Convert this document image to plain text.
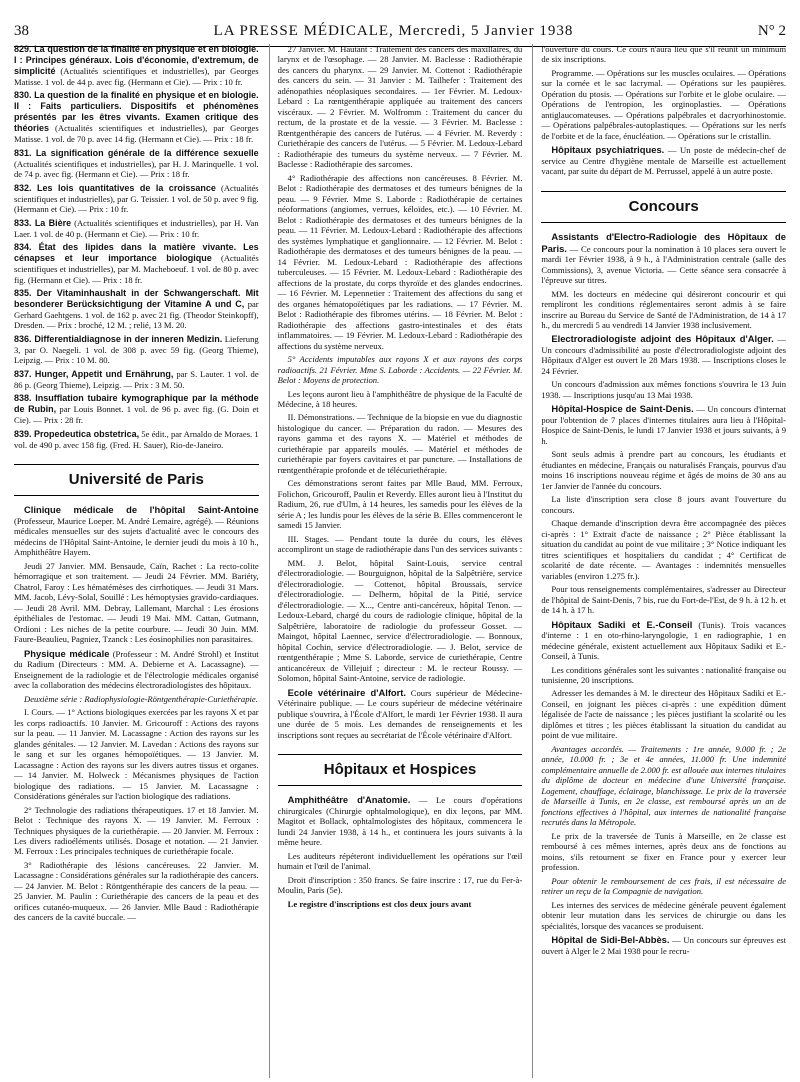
38	LA PRESSE MÉDICALE, Mercredi, 5 Janvier 1938	N° 2

829. La question de la finalité en physique et en biologie. I : Principes généraux. Lois d'économie, d'extremum, de simplicité (Actualités scientifiques et industrielles), par Georges Matisse. 1 vol. de 44 p. avec fig. (Hermann et Cie). — Prix : 10 fr.

830. La question de la finalité en physique et en biologie. II : Faits particuliers. Dispositifs et phénomènes présentés par les êtres vivants. Examen critique des théories (Actualités scientifiques et industrielles), par Georges Matisse. 1 vol. de 70 p. avec 14 fig. (Hermann et Cie). — Prix : 18 fr.

831. La signification générale de la différence sexuelle (Actualités scientifiques et industrielles), par H. J. Marinquelle. 1 vol. de 74 p. avec fig. (Hermann et Cie). — Prix : 18 fr.

832. Les lois quantitatives de la croissance (Actualités scientifiques et industrielles), par G. Teissier. 1 vol. de 50 p. avec 9 fig. (Hermann et Cie). — Prix : 10 fr.

833. La Bière (Actualités scientifiques et industrielles), par H. Van Laer. 1 vol. de 40 p. (Hermann et Cie). — Prix : 10 fr.

834. État des lipides dans la matière vivante. Les cénapses et leur importance biologique (Actualités scientifiques et industrielles), par M. Macheboeuf. 1 vol. de 80 p. avec fig. (Hermann et Cie). — Prix : 18 fr.

835. Der Vitaminhaushalt in der Schwangerschaft. Mit besonderer Berücksichtigung der Vitamine A und C, par Gerhard Gaehtgens. 1 vol. de 162 p. avec 21 fig. (Theodor Steinkopff), Dresden. — Prix : broché, 12 M. ; relié, 13 M. 20.

836. Differentialdiagnose in der inneren Medizin. Lieferung 3, par O. Naegeli. 1 vol. de 308 p. avec 59 fig. (Georg Thieme), Leipzig. — Prix : 10 M. 80.

837. Hunger, Appetit und Ernährung, par S. Lauter. 1 vol. de 86 p. (Georg Thieme), Leipzig. — Prix : 3 M. 50.

838. Insufflation tubaire kymographique par la méthode de Rubin, par Louis Bonnet. 1 vol. de 96 p. avec fig. (G. Doin et Cie). — Prix : 28 fr.

839. Propedeutica obstetrica, 5e édit., par Arnaldo de Moraes. 1 vol. de 490 p. avec 158 fig. (Fred. H. Sauer), Rio-de-Janeiro.

Université de Paris

Clinique médicale de l'hôpital Saint-Antoine (Professeur, Maurice Loeper. M. André Lemaire, agrégé). — Réunions médicales mensuelles sur des sujets d'actualité avec le concours des médecins de l'Hôpital Saint-Antoine, le dernier jeudi du mois à 10 h., Amphithéâtre Hayem.

Jeudi 27 Janvier. MM. Bensaude, Caïn, Rachet : La recto-colite hémorragique et son traitement. — Jeudi 24 Février. MM. Bariéty, Chatrol, Faroy : Les hématémèses des cirrhotiques. — Jeudi 31 Mars. MM. Jacob, Lévy-Solal, Souillé : Les hémoptysies gravido-cardiaques. — Jeudi 28 Avril. MM. Debray, Lallemant, Marchal : Les érosions épithéliales de l'estomac. — Jeudi 19 Mai. MM. Cattan, Gutmann, Ordioni : Les niches de la petite courbure. — Jeudi 30 Juin. MM. Faure-Beaulieu, Pagniez, Tzanck : Les éosinophilies non parasitaires.

Physique médicale (Professeur : M. André Strohl) et Institut du Radium (Directeurs : MM. A. Debierne et A. Lacassagne). — Enseignement de la radiologie et de l'électrologie médicales organisé avec la collaboration des médecins électroradiologistes des hôpitaux.

Deuxième série : Radiophysiologie-Röntgenthérapie-Curiethérapie.

I. Cours. — 1° Actions biologiques exercées par les rayons X et par les corps radioactifs. 10 Janvier. M. Gricouroff : Actions des rayons sur la peau. — 11 Janvier. M. Lacassagne : Action des rayons sur les glandes génitales. — 12 Janvier. M. Lavedan : Actions des rayons sur le sang et sur les organes hémopoïétiques. — 13 Janvier. M. Lacassagne : Action des rayons sur les divers autres tissus et organes. — 14 Janvier. M. Holweck : Mécanismes physiques de l'action biologique des radiations. — 15 Janvier. M. Lacassagne : Considérations générales sur l'action biologique des radiations.

2° Technologie des radiations thérapeutiques. 17 et 18 Janvier. M. Belot : Technique des rayons X. — 19 Janvier. M. Ferroux : Techniques physiques de la curiethérapie. — 20 Janvier. M. Ferroux : Les divers radioéléments utilisés. Dosage et notation. — 21 Janvier. M. Ferroux : Les principales techniques de curiethérapie focale.

3° Radiothérapie des lésions cancéreuses. 22 Janvier. M. Lacassagne : Considérations générales sur la radiothérapie des cancers. — 24 Janvier. M. Belot : Röntgenthérapie des cancers de la peau. — 25 Janvier. M. Paulin : Curiethérapie des cancers de la peau et des orifices cutanéo-muqueux. — 26 Janvier. Mlle Baud : Radiothérapie des cancers de la cavité buccale. —

27 Janvier. M. Hautant : Traitement des cancers des maxillaires, du larynx et de l'œsophage. — 28 Janvier. M. Baclesse : Radiothérapie des cancers du pharynx. — 29 Janvier. M. Cottenot : Radiothérapie des cancers du sein. — 31 Janvier : M. Tailhefer : Traitement des adénopathies néoplasiques secondaires. — 1er Février. M. Ledoux-Lebard : La rœntgenthérapie appliquée au traitement des cancers viscéraux. — 2 Février. M. Wolfromm : Traitement du cancer du rectum, de la prostate et de la vessie. — 3 Février. M. Baclesse : Rœntgenthérapie des cancers de l'utérus. — 4 Février. M. Reverdy : Curiethérapie des cancers de l'utérus. — 5 Février. M. Ledoux-Lebard : Radiothérapie des tumeurs du système nerveux. — 7 Février. M. Baclesse : Radiothérapie des sarcomes.

4° Radiothérapie des affections non cancéreuses. 8 Février. M. Belot : Radiothérapie des dermatoses et des tumeurs bénignes de la peau. — 9 Février. Mme S. Laborde : Radiothérapie de certaines néoformations (angiomes, verrues, kéloïdes, etc.). — 10 Février. M. Belot : Radiothérapie des dermatoses et des tumeurs bénignes de la peau. — 11 Février. M. Ledoux-Lebard : Radiothérapie des affections des systèmes lymphatique et ganglionnaire. — 12 Février. M. Belot : Radiothérapie des dermatoses et des tumeurs bénignes de la peau. — 14 Février. M. Ledoux-Lebard : Radiothérapie des affections tuberculeuses. — 15 Février. M. Ledoux-Lebard : Radiothérapie des affections de la prostate, du corps thyroïde et des glandes endocrines. — 16 Février. M. Lepennetier : Traitement des affections du sang et des organes hématopoïétiques par les radiations. — 17 Février. M. Belot : Radiothérapie des fibromes utérins. — 18 Février. M. Belot : Radiothérapie des affections gastro-intestinales et des états inflammatoires. — 19 Février. M. Ledoux-Lebard : Radiothérapie des affections du système nerveux.

5° Accidents imputables aux rayons X et aux rayons des corps radioactifs. 21 Février. Mme S. Laborde : Accidents. — 22 Février. M. Belot : Moyens de protection.

Les leçons auront lieu à l'amphithéâtre de physique de la Faculté de Médecine, à 18 heures.

II. Démonstrations. — Technique de la biopsie en vue du diagnostic histologique du cancer. — Préparation du radon. — Mesures des rayons gamma et des rayons X. — Matériel et méthodes de curiethérapie par appareils moulés. — Matériel et méthodes de curiethérapie par foyers cavitaires et par puncture. — Installations de rœntgenthérapie profonde et de télécuriethérapie.

Ces démonstrations seront faites par Mlle Baud, MM. Ferroux, Folichon, Gricouroff, Paulin et Reverdy. Elles auront lieu à l'Institut du Radium, 26, rue d'Ulm, à 14 heures, les samedis pour les élèves de la série A ; les lundis pour les élèves de la série B. Elles commenceront le samedi 15 Janvier.

III. Stages. — Pendant toute la durée du cours, les élèves accompliront un stage de radiothérapie dans l'un des services suivants :

MM. J. Belot, hôpital Saint-Louis, service central d'électroradiologie. — Bourguignon, hôpital de la Salpêtrière, service d'électroradiologie. — Cottenot, hôpital Broussais, service d'électroradiologie. — Delherm, hôpital de la Pitié, service d'électroradiologie. — X..., Centre anti-cancéreux, hôpital Tenon. — Ledoux-Lebard, chargé du cours de radiologie clinique, hôpital de la Salpêtrière, laboratoire de radiologie du professeur Gosset. — Maingot, hôpital Laennec, service d'électroradiologie. — Bonnoux, hôpital Cochin, service d'électroradiologie. — J. Belot, service de rœntgenthérapie ; Mme S. Laborde, service de curiethérapie, Centre anticancéreux de Villejuif ; directeur : M. le recteur Roussy. — Solomon, hôpital Saint-Antoine, service de radiologie.

Ecole vétérinaire d'Alfort. Cours supérieur de Médecine-Vétérinaire publique. — Le cours supérieur de médecine vétérinaire publique s'ouvrira, à l'École d'Alfort, le mardi 1er Février 1938. Il aura une durée de 5 mois. Les demandes de renseignements et les inscriptions sont reçues au secrétariat de l'École vétérinaire d'Alfort.

Hôpitaux et Hospices

Amphithéâtre d'Anatomie. — Le cours d'opérations chirurgicales (Chirurgie ophtalmologique), en dix leçons, par MM. Magitot et Bollack, ophtalmologistes des hôpitaux, commencera le lundi 24 Janvier 1938, à 14 h., et continuera les jours suivants à la même heure.

Les auditeurs répéteront individuellement les opérations sur l'œil humain et l'œil de l'animal.

Droit d'inscription : 350 francs. Se faire inscrire : 17, rue du Fer-à-Moulin, Paris (5e).

Le registre d'inscriptions est clos deux jours avant

l'ouverture du cours. Ce cours n'aura lieu que s'il réunit un minimum de six inscriptions.

Programme. — Opérations sur les muscles oculaires. — Opérations sur la cornée et le sac lacrymal. — Opérations sur les paupières. Opération du ptosis. — Opérations sur l'orbite et le globe oculaire. — Opérations de l'entropion, les orginoplasties. — Opérations antiglaucomateuses. — Opérations palpébrales et dacryorhinostomie. — Opérations palpébrales-autoplastiques. — Opérations sur les nerfs de l'orbite et de la face, énucléation. — Opérations sur le cristallin.

Hôpitaux psychiatriques. — Un poste de médecin-chef de service au Centre d'hygiène mentale de Marseille est actuellement vacant, par suite du départ de M. Perrussel, appelé à un autre poste.

Concours

Assistants d'Electro-Radiologie des Hôpitaux de Paris. — Ce concours pour la nomination à 10 places sera ouvert le mardi 1er Février 1938, à 9 h., à l'Administration centrale (salle des Commissions), 3, avenue Victoria. — Cette séance sera consacrée à l'épreuve sur titres.

MM. les docteurs en médecine qui désireront concourir et qui rempliront les conditions réglementaires seront admis à se faire inscrire au Bureau du Service de Santé de l'Administration, de 14 à 17 h., du mercredi 5 au vendredi 14 Janvier 1938 inclusivement.

Electroradiologiste adjoint des Hôpitaux d'Alger. — Un concours d'admissibilité au poste d'électroradiologiste adjoint des Hôpitaux d'Alger est ouvert le 28 Mars 1938. — Inscriptions closes le 24 Février.

Un concours d'admission aux mêmes fonctions s'ouvrira le 13 Juin 1938. — Inscriptions jusqu'au 13 Mai 1938.

Hôpital-Hospice de Saint-Denis. — Un concours d'internat pour l'obtention de 7 places d'internes titulaires aura lieu à l'Hôpital-Hospice de Saint-Denis, le lundi 17 Janvier 1938 et jours suivants, à 9 h.

Sont seuls admis à prendre part au concours, les étudiants et étudiantes en médecine, Français ou naturalisés Français, pourvus d'au moins 16 inscriptions nouveau régime et âgés de moins de 30 ans au 1er Janvier de l'année du concours.

La liste d'inscription sera close 8 jours avant l'ouverture du concours.

Chaque demande d'inscription devra être accompagnée des pièces ci-après : 1° Extrait d'acte de naissance ; 2° Pièce établissant la situation du candidat au point de vue militaire ; 3° Notice indiquant les titres scientifiques et hospitaliers du candidat ; 4° Certificat de scolarité de date récente. — Avantages : indemnités mensuelles variables (environ 1.275 fr.).

Pour tous renseignements complémentaires, s'adresser au Directeur de l'hôpital de Saint-Denis, 7 bis, rue du Fort-de-l'Est, de 9 h. à 12 h. et de 14 h. à 17 h.

Hôpitaux Sadiki et E.-Conseil (Tunis). Trois vacances d'interne : 1 en oto-rhino-laryngologie, 1 en radiographie, 1 en médecine générale, existent actuellement aux Hôpitaux Sadiki et E.-Conseil, à Tunis.

Les conditions générales sont les suivantes : nationalité française ou tunisienne, 20 inscriptions.

Adresser les demandes à M. le directeur des Hôpitaux Sadiki et E.-Conseil, en joignant les pièces ci-après : une expédition dûment légalisée de l'acte de naissance ; les pièces justifiant la scolarité ou les diplômes et titres ; les pièces établissant la situation du candidat au point de vue militaire.

Avantages accordés. — Traitements : 1re année, 9.000 fr. ; 2e année, 10.000 fr. ; 3e et 4e années, 11.000 fr. Une indemnité complémentaire annuelle de 2.000 fr. est allouée aux internes titulaires du diplôme de docteur en médecine d'une Université française. Logement, chauffage, éclairage, blanchissage. Le prix de la traversée de Marseille à Tunis, en 2e classe, est remboursé après un an de fonctions effectives à l'hôpital, aux internes de nationalité française recrutés dans la Métropole.

Le prix de la traversée de Tunis à Marseille, en 2e classe est remboursé à ces mêmes internes, après deux ans de fonctions au moins, s'ils retournent se fixer en France pour y exercer leur profession.

Pour obtenir le remboursement de ces frais, il est nécessaire de retirer un reçu de la Compagnie de navigation.

Les internes des services de médecine générale peuvent également obtenir leur mutation dans les services de chirurgie ou dans les spécialités, lorsque des vacances se produisent.

Hôpital de Sidi-Bel-Abbès. — Un concours sur épreuves est ouvert à Alger le 2 Mai 1938 pour le recru-
